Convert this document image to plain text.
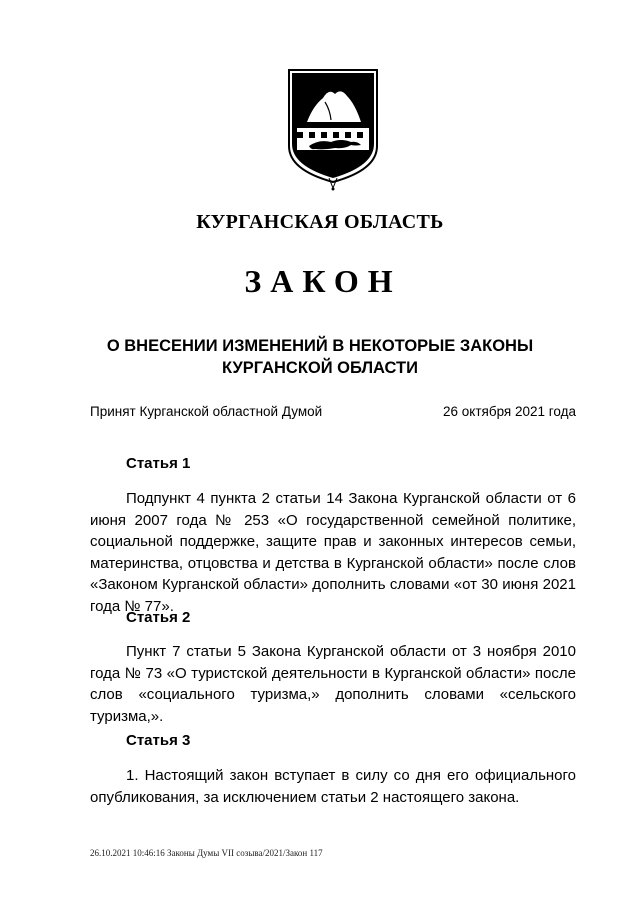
КУРГАНСКАЯ ОБЛАСТЬ
ЗАКОН
О ВНЕСЕНИИ ИЗМЕНЕНИЙ В НЕКОТОРЫЕ ЗАКОНЫ
КУРГАНСКОЙ ОБЛАСТИ
Принят Курганской областной Думой	26 октября 2021 года
Статья 1
Подпункт 4 пункта 2 статьи 14 Закона Курганской области от 6 июня 2007 года № 253 «О государственной семейной политике, социальной поддержке, защите прав и законных интересов семьи, материнства, отцовства и детства в Курганской области» после слов «Законом Курганской области» дополнить словами «от 30 июня 2021 года № 77».
Статья 2
Пункт 7 статьи 5 Закона Курганской области от 3 ноября 2010 года № 73 «О туристской деятельности в Курганской области» после слов «социального туризма,» дополнить словами «сельского туризма,».
Статья 3
1. Настоящий закон вступает в силу со дня его официального опубликования, за исключением статьи 2 настоящего закона.
26.10.2021 10:46:16 Законы Думы VII созыва/2021/Закон 117
